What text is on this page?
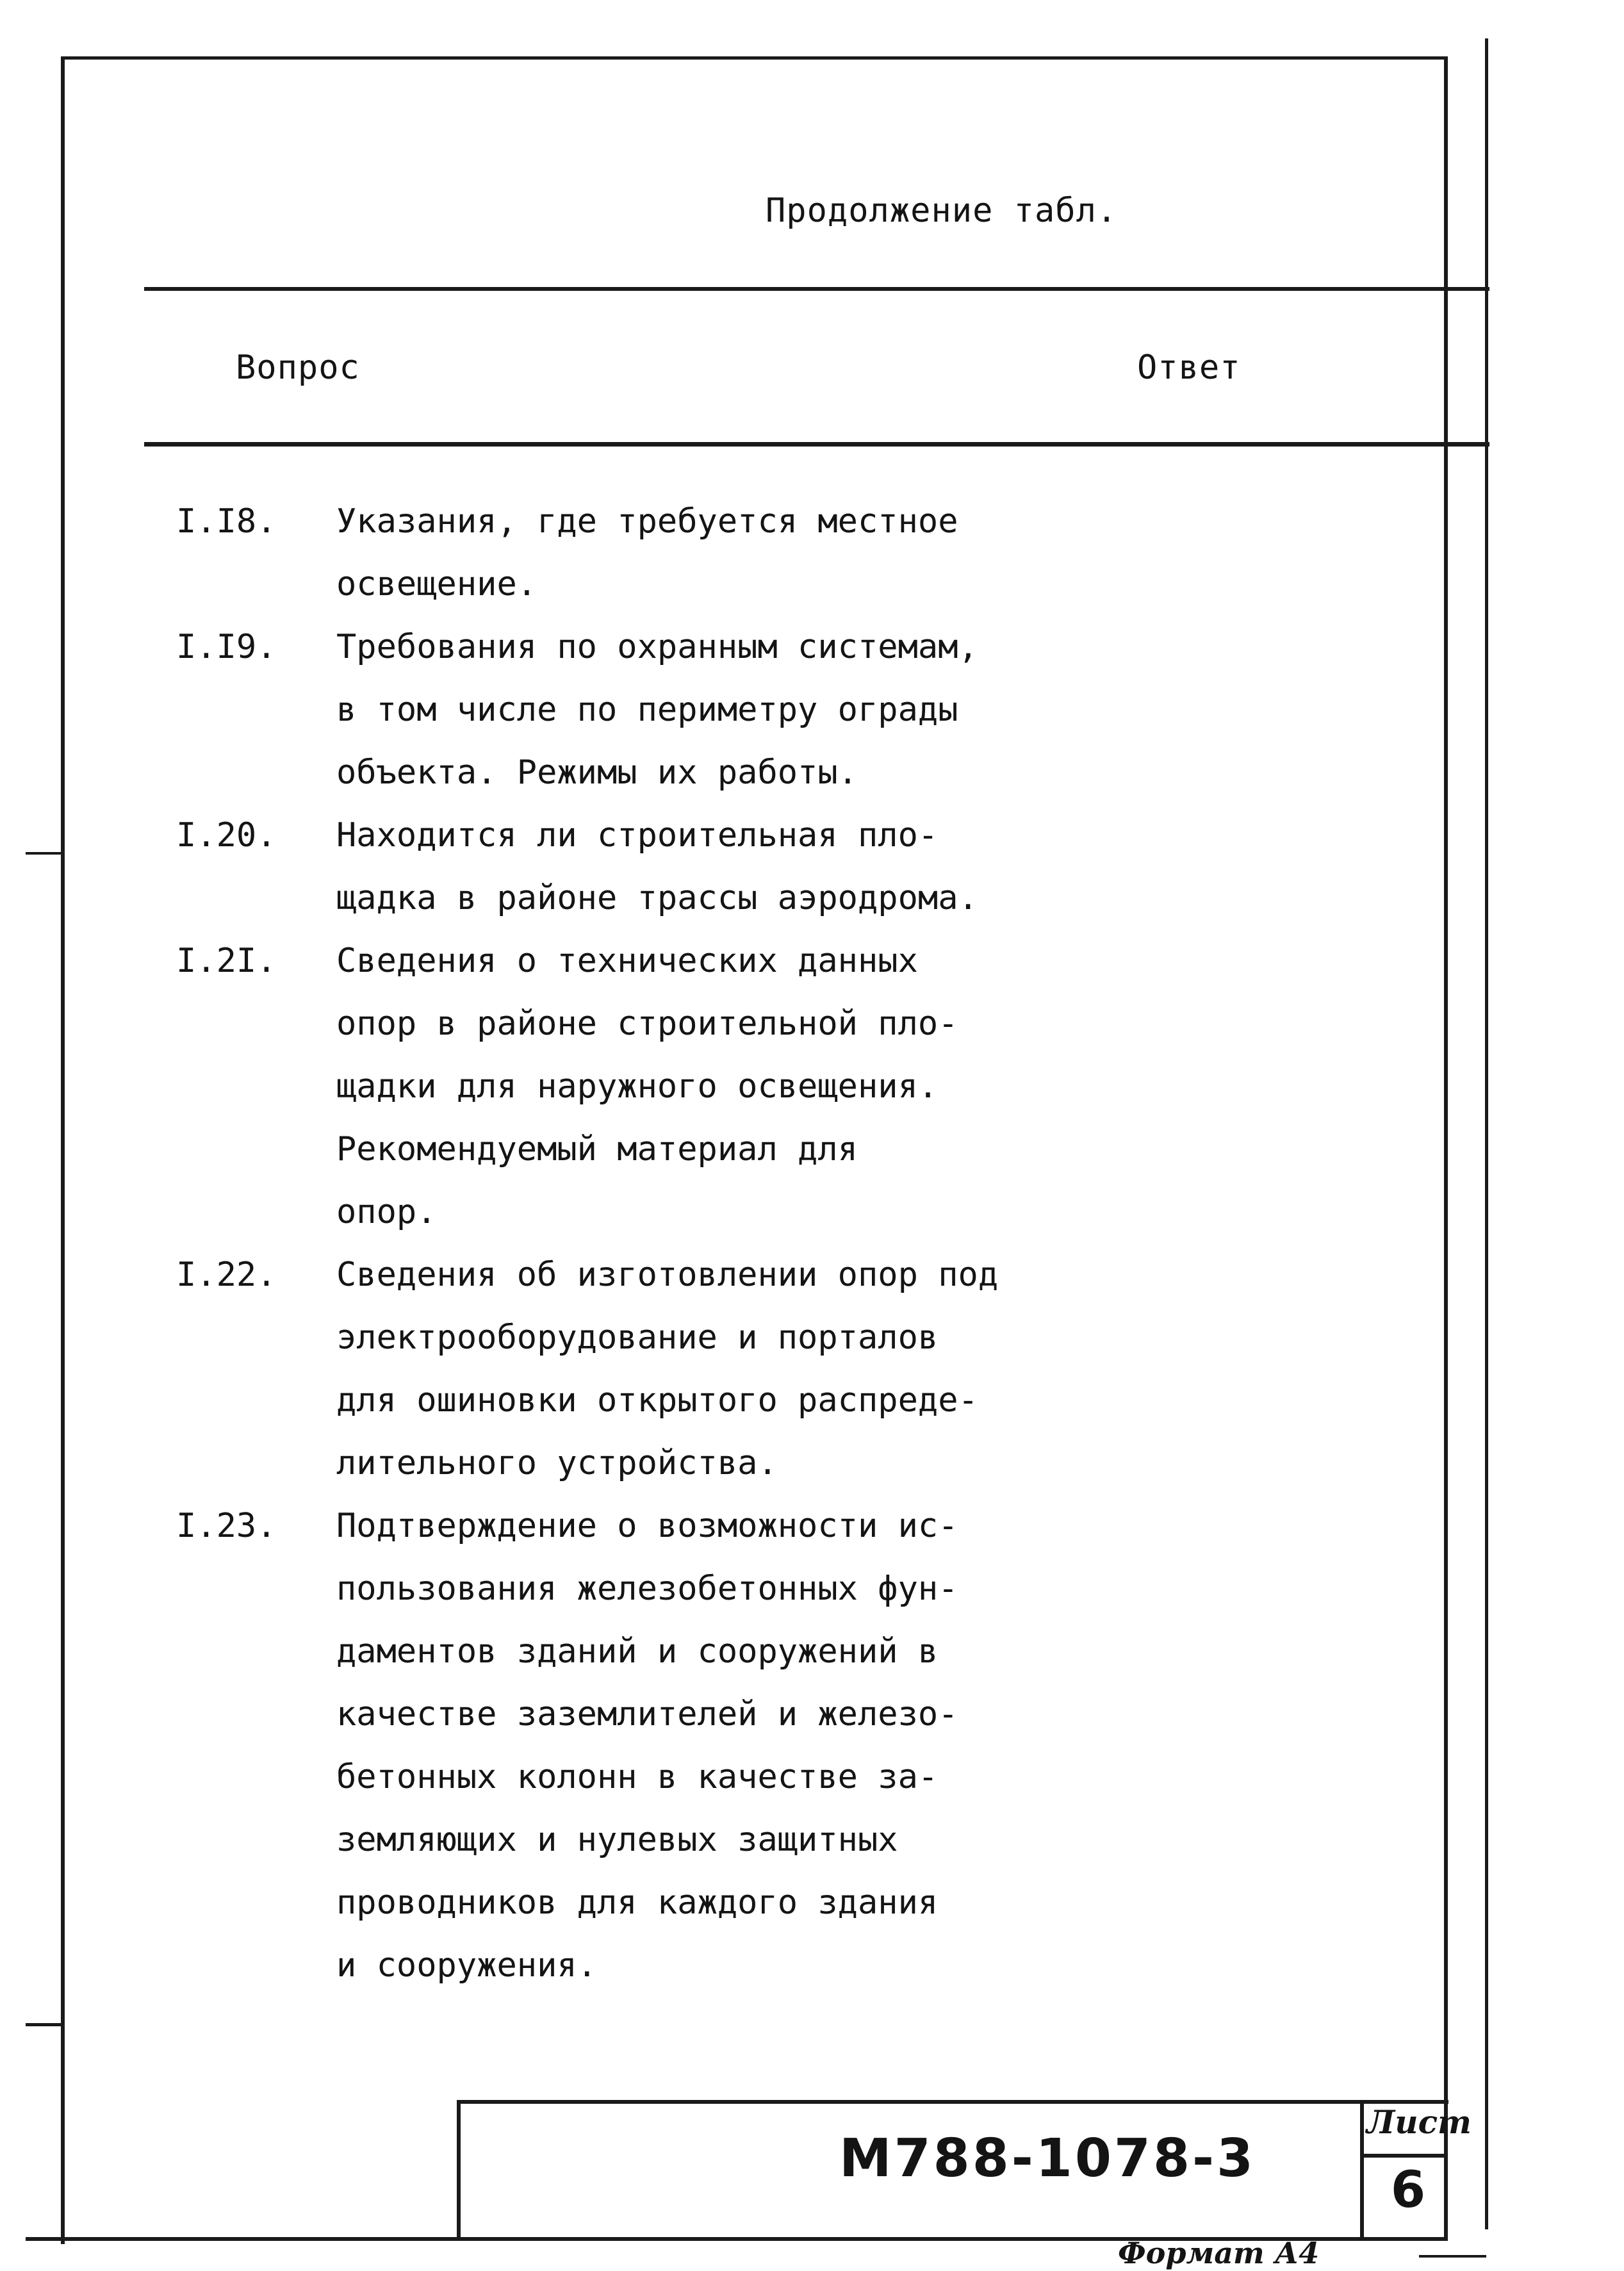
Продолжение табл.
Вопрос	Ответ
I.I8. Указания, где требуется местное
освещение.
I.I9. Требования по охранным системам,
в том числе по периметру ограды
объекта. Режимы их работы.
I.20. Находится ли строительная пло-
щадка в районе трассы аэродрома.
I.2I. Сведения о технических данных
опор в районе строительной пло-
щадки для наружного освещения.
Рекомендуемый материал для
опор.
I.22. Сведения об изготовлении опор под
электрооборудование и порталов
для ошиновки открытого распреде-
лительного устройства.
I.23. Подтверждение о возможности ис-
пользования железобетонных фун-
даментов зданий и сооружений в
качестве заземлителей и железо-
бетонных колонн в качестве за-
земляющих и нулевых защитных
проводников для каждого здания
и сооружения.
М788-1078-3
Лист
6
Формат А4
